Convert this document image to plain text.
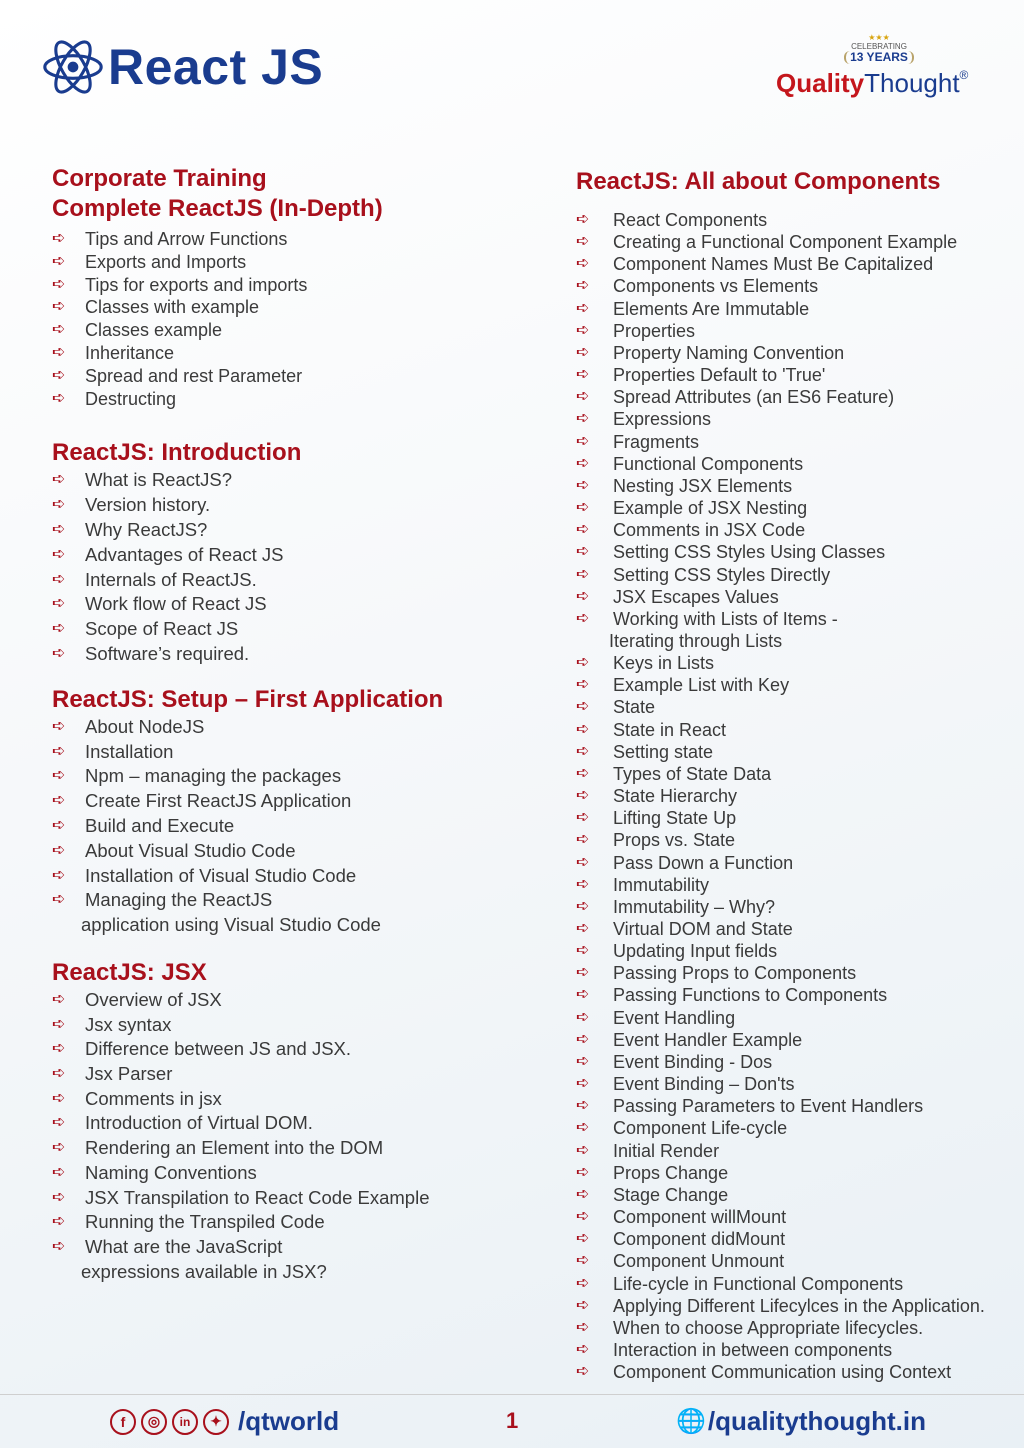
React JS
★★★
CELEBRATING
13 YEARS
QualityThought®
Corporate Training
Complete ReactJS (In-Depth)
➪ Tips and Arrow Functions
➪ Exports and Imports
➪ Tips for exports and imports
➪ Classes with example
➪ Classes example
➪ Inheritance
➪ Spread and rest Parameter
➪ Destructing
ReactJS: Introduction
➪ What is ReactJS?
➪ Version history.
➪ Why ReactJS?
➪ Advantages of React JS
➪ Internals of ReactJS.
➪ Work flow of React JS
➪ Scope of React JS
➪ Software’s required.
ReactJS: Setup – First Application
➪ About NodeJS
➪ Installation
➪ Npm – managing the packages
➪ Create First ReactJS Application
➪ Build and Execute
➪ About Visual Studio Code
➪ Installation of Visual Studio Code
➪ Managing the ReactJS
application using Visual Studio Code
ReactJS: JSX
➪ Overview of JSX
➪ Jsx syntax
➪ Difference between JS and JSX.
➪ Jsx Parser
➪ Comments in jsx
➪ Introduction of Virtual DOM.
➪ Rendering an Element into the DOM
➪ Naming Conventions
➪ JSX Transpilation to React Code Example
➪ Running the Transpiled Code
➪ What are the JavaScript
expressions available in JSX?
ReactJS: All about Components
➪ React Components
➪ Creating a Functional Component Example
➪ Component Names Must Be Capitalized
➪ Components vs Elements
➪ Elements Are Immutable
➪ Properties
➪ Property Naming Convention
➪ Properties Default to 'True'
➪ Spread Attributes (an ES6 Feature)
➪ Expressions
➪ Fragments
➪ Functional Components
➪ Nesting JSX Elements
➪ Example of JSX Nesting
➪ Comments in JSX Code
➪ Setting CSS Styles Using Classes
➪ Setting CSS Styles Directly
➪ JSX Escapes Values
➪ Working with Lists of Items -
Iterating through Lists
➪ Keys in Lists
➪ Example List with Key
➪ State
➪ State in React
➪ Setting state
➪ Types of State Data
➪ State Hierarchy
➪ Lifting State Up
➪ Props vs. State
➪ Pass Down a Function
➪ Immutability
➪ Immutability – Why?
➪ Virtual DOM and State
➪ Updating Input fields
➪ Passing Props to Components
➪ Passing Functions to Components
➪ Event Handling
➪ Event Handler Example
➪ Event Binding - Dos
➪ Event Binding – Don'ts
➪ Passing Parameters to Event Handlers
➪ Component Life-cycle
➪ Initial Render
➪ Props Change
➪ Stage Change
➪ Component willMount
➪ Component didMount
➪ Component Unmount
➪ Life-cycle in Functional Components
➪ Applying Different Lifecylces in the Application.
➪ When to choose Appropriate lifecycles.
➪ Interaction in between components
➪ Component Communication using Context
f	◎	in	✦ /qtworld	1	🌐 /qualitythought.in
